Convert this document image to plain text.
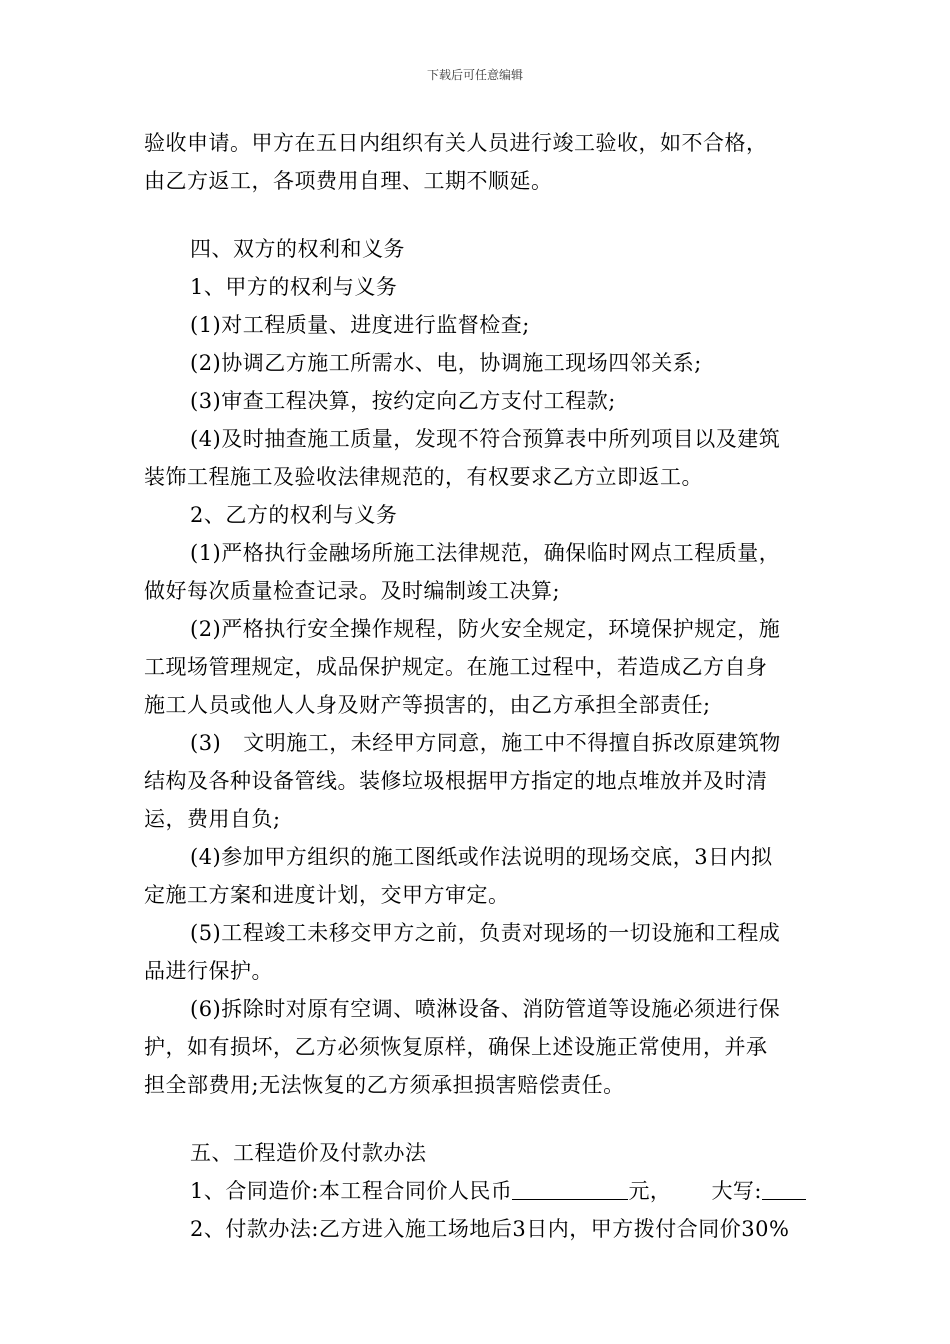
下载后可任意编辑
验收申请。甲方在五日内组织有关人员进行竣工验收，如不合格，
由乙方返工，各项费用自理、工期不顺延。
四、双方的权利和义务
1、甲方的权利与义务
(1)对工程质量、进度进行监督检查;
(2)协调乙方施工所需水、电，协调施工现场四邻关系;
(3)审查工程决算，按约定向乙方支付工程款;
(4)及时抽查施工质量，发现不符合预算表中所列项目以及建筑
装饰工程施工及验收法律规范的，有权要求乙方立即返工。
2、乙方的权利与义务
(1)严格执行金融场所施工法律规范，确保临时网点工程质量，
做好每次质量检查记录。及时编制竣工决算;
(2)严格执行安全操作规程，防火安全规定，环境保护规定，施
工现场管理规定，成品保护规定。在施工过程中，若造成乙方自身
施工人员或他人人身及财产等损害的，由乙方承担全部责任;
(3) 文明施工，未经甲方同意，施工中不得擅自拆改原建筑物
结构及各种设备管线。装修垃圾根据甲方指定的地点堆放并及时清
运，费用自负;
(4)参加甲方组织的施工图纸或作法说明的现场交底，3日内拟
定施工方案和进度计划，交甲方审定。
(5)工程竣工未移交甲方之前，负责对现场的一切设施和工程成
品进行保护。
(6)拆除时对原有空调、喷淋设备、消防管道等设施必须进行保
护，如有损坏，乙方必须恢复原样，确保上述设施正常使用，并承
担全部费用;无法恢复的乙方须承担损害赔偿责任。
五、工程造价及付款办法
1、合同造价:本工程合同价人民币	元， 大写:
2、付款办法:乙方进入施工场地后3日内，甲方拨付合同价30%
